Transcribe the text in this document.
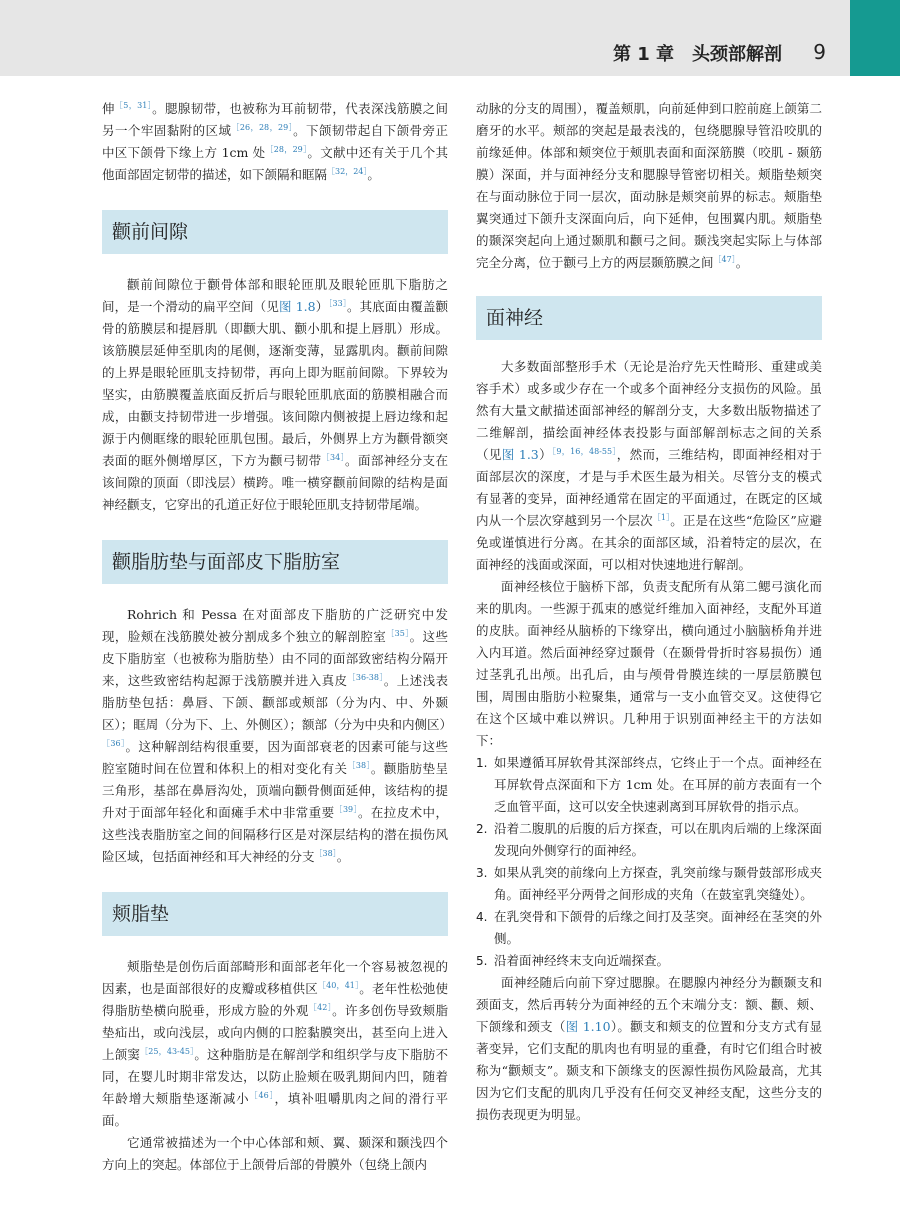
第 1 章　头颈部解剖 9

伸$^{[5,31]}$。腮腺韧带，也被称为耳前韧带，代表深浅筋膜之间另一个牢固黏附的区域$^{[26,28,29]}$。下颌韧带起自下颌骨旁正中区下颌骨下缘上方 1cm 处$^{[28,29]}$。文献中还有关于几个其他面部固定韧带的描述，如下颌隔和眶隔$^{[32,24]}$。

颧前间隙

颧前间隙位于颧骨体部和眼轮匝肌及眼轮匝肌下脂肪之间，是一个滑动的扁平空间（见图 1.8）$^{[33]}$。其底面由覆盖颧骨的筋膜层和提唇肌（即颧大肌、颧小肌和提上唇肌）形成。该筋膜层延伸至肌肉的尾侧，逐渐变薄，显露肌肉。颧前间隙的上界是眼轮匝肌支持韧带，再向上即为眶前间隙。下界较为坚实，由筋膜覆盖底面反折后与眼轮匝肌底面的筋膜相融合而成，由颧支持韧带进一步增强。该间隙内侧被提上唇边缘和起源于内侧眶缘的眼轮匝肌包围。最后，外侧界上方为颧骨额突表面的眶外侧增厚区，下方为颧弓韧带$^{[34]}$。面部神经分支在该间隙的顶面（即浅层）横跨。唯一横穿颧前间隙的结构是面神经颧支，它穿出的孔道正好位于眼轮匝肌支持韧带尾端。

颧脂肪垫与面部皮下脂肪室

Rohrich 和 Pessa 在对面部皮下脂肪的广泛研究中发现，脸颊在浅筋膜处被分割成多个独立的解剖腔室$^{[35]}$。这些皮下脂肪室（也被称为脂肪垫）由不同的面部致密结构分隔开来，这些致密结构起源于浅筋膜并进入真皮$^{[36-38]}$。上述浅表脂肪垫包括：鼻唇、下颌、颧部或颊部（分为内、中、外颞区）；眶周（分为下、上、外侧区）；额部（分为中央和内侧区）$^{[36]}$。这种解剖结构很重要，因为面部衰老的因素可能与这些腔室随时间在位置和体积上的相对变化有关$^{[38]}$。颧脂肪垫呈三角形，基部在鼻唇沟处，顶端向颧骨侧面延伸，该结构的提升对于面部年轻化和面瘫手术中非常重要$^{[39]}$。在拉皮术中，这些浅表脂肪室之间的间隔移行区是对深层结构的潜在损伤风险区域，包括面神经和耳大神经的分支$^{[38]}$。

颊脂垫

颊脂垫是创伤后面部畸形和面部老年化一个容易被忽视的因素，也是面部很好的皮瓣或移植供区$^{[40,41]}$。老年性松弛使得脂肪垫横向脱垂，形成方脸的外观$^{[42]}$。许多创伤导致颊脂垫疝出，或向浅层，或向内侧的口腔黏膜突出，甚至向上进入上颌窦$^{[25,43-45]}$。这种脂肪是在解剖学和组织学与皮下脂肪不同，在婴儿时期非常发达，以防止脸颊在吸乳期间内凹，随着年龄增大颊脂垫逐渐减小$^{[46]}$，填补咀嚼肌肉之间的滑行平面。

它通常被描述为一个中心体部和颊、翼、颞深和颞浅四个方向上的突起。体部位于上颌骨后部的骨膜外（包绕上颌内

动脉的分支的周围），覆盖颊肌，向前延伸到口腔前庭上颌第二磨牙的水平。颊部的突起是最表浅的，包绕腮腺导管沿咬肌的前缘延伸。体部和颊突位于颊肌表面和面深筋膜（咬肌 - 颞筋膜）深面，并与面神经分支和腮腺导管密切相关。颊脂垫颊突在与面动脉位于同一层次，面动脉是颊突前界的标志。颊脂垫翼突通过下颌升支深面向后，向下延伸，包围翼内肌。颊脂垫的颞深突起向上通过颞肌和颧弓之间。颞浅突起实际上与体部完全分离，位于颧弓上方的两层颞筋膜之间$^{[47]}$。

面神经

大多数面部整形手术（无论是治疗先天性畸形、重建或美容手术）或多或少存在一个或多个面神经分支损伤的风险。虽然有大量文献描述面部神经的解剖分支，大多数出版物描述了二维解剖，描绘面神经体表投影与面部解剖标志之间的关系（见图 1.3）$^{[9,16,48-55]}$，然而，三维结构，即面神经相对于面部层次的深度，才是与手术医生最为相关。尽管分支的模式有显著的变异，面神经通常在固定的平面通过，在既定的区域内从一个层次穿越到另一个层次$^{[1]}$。正是在这些“危险区”应避免或谨慎进行分离。在其余的面部区域，沿着特定的层次，在面神经的浅面或深面，可以相对快速地进行解剖。

面神经核位于脑桥下部，负责支配所有从第二鳃弓演化而来的肌肉。一些源于孤束的感觉纤维加入面神经，支配外耳道的皮肤。面神经从脑桥的下缘穿出，横向通过小脑脑桥角并进入内耳道。然后面神经穿过颞骨（在颞骨骨折时容易损伤）通过茎乳孔出颅。出孔后，由与颅骨骨膜连续的一厚层筋膜包围，周围由脂肪小粒聚集，通常与一支小血管交叉。这使得它在这个区域中难以辨识。几种用于识别面神经主干的方法如下：

1. 如果遵循耳屏软骨其深部终点，它终止于一个点。面神经在耳屏软骨点深面和下方 1cm 处。在耳屏的前方表面有一个乏血管平面，这可以安全快速剥离到耳屏软骨的指示点。
2. 沿着二腹肌的后腹的后方探查，可以在肌肉后端的上缘深面发现向外侧穿行的面神经。
3. 如果从乳突的前缘向上方探查，乳突前缘与颞骨鼓部形成夹角。面神经平分两骨之间形成的夹角（在鼓室乳突缝处）。
4. 在乳突骨和下颌骨的后缘之间打及茎突。面神经在茎突的外侧。
5. 沿着面神经终末支向近端探查。

面神经随后向前下穿过腮腺。在腮腺内神经分为颧颞支和颈面支，然后再转分为面神经的五个末端分支：额、颧、颊、下颌缘和颈支（图 1.10）。颧支和颊支的位置和分支方式有显著变异，它们支配的肌肉也有明显的重叠，有时它们组合时被称为“颧颊支”。颞支和下颌缘支的医源性损伤风险最高，尤其因为它们支配的肌肉几乎没有任何交叉神经支配，这些分支的损伤表现更为明显。
